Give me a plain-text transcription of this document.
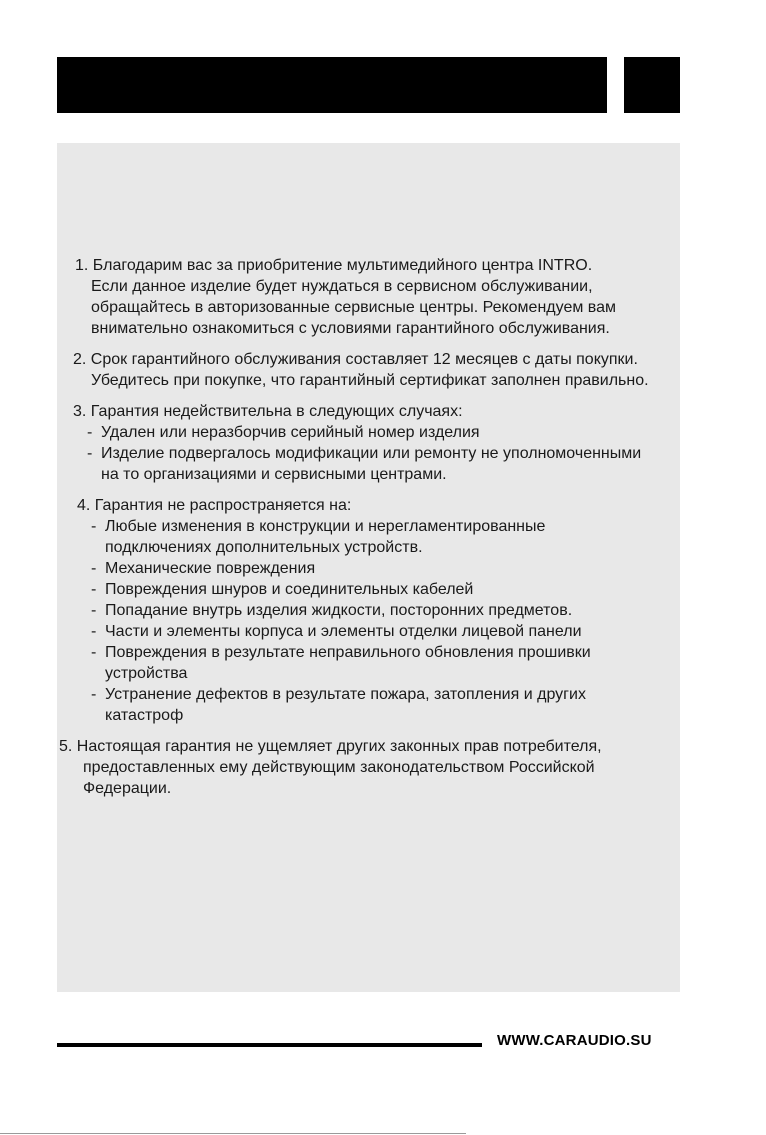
1. Благодарим вас за приобритение мультимедийного центра INTRO.

Если данное изделие будет нуждаться в сервисном обслуживании,

обращайтесь в авторизованные сервисные центры. Рекомендуем вам

внимательно ознакомиться с условиями гарантийного обслуживания.

2. Срок гарантийного обслуживания составляет 12 месяцев с даты покупки.

Убедитесь при покупке, что гарантийный сертификат заполнен правильно.

3. Гарантия недействительна в следующих случаях:

- Удален или неразборчив серийный номер изделия
- Изделие подвергалось модификации или ремонту не уполномоченными
на то организациями и сервисными центрами.

4. Гарантия не распространяется на:

- Любые изменения в конструкции и нерегламентированные
подключениях дополнительных устройств.
- Механические повреждения
- Повреждения шнуров и соединительных кабелей
- Попадание внутрь изделия жидкости, посторонних предметов.
- Части и элементы корпуса и элементы отделки лицевой панели
- Повреждения в результате неправильного обновления прошивки
устройства
- Устранение дефектов в результате пожара, затопления и других
катастроф

5. Настоящая гарантия не ущемляет других законных прав потребителя,

предоставленных ему действующим законодательством Российской

Федерации.

WWW.CARAUDIO.SU
